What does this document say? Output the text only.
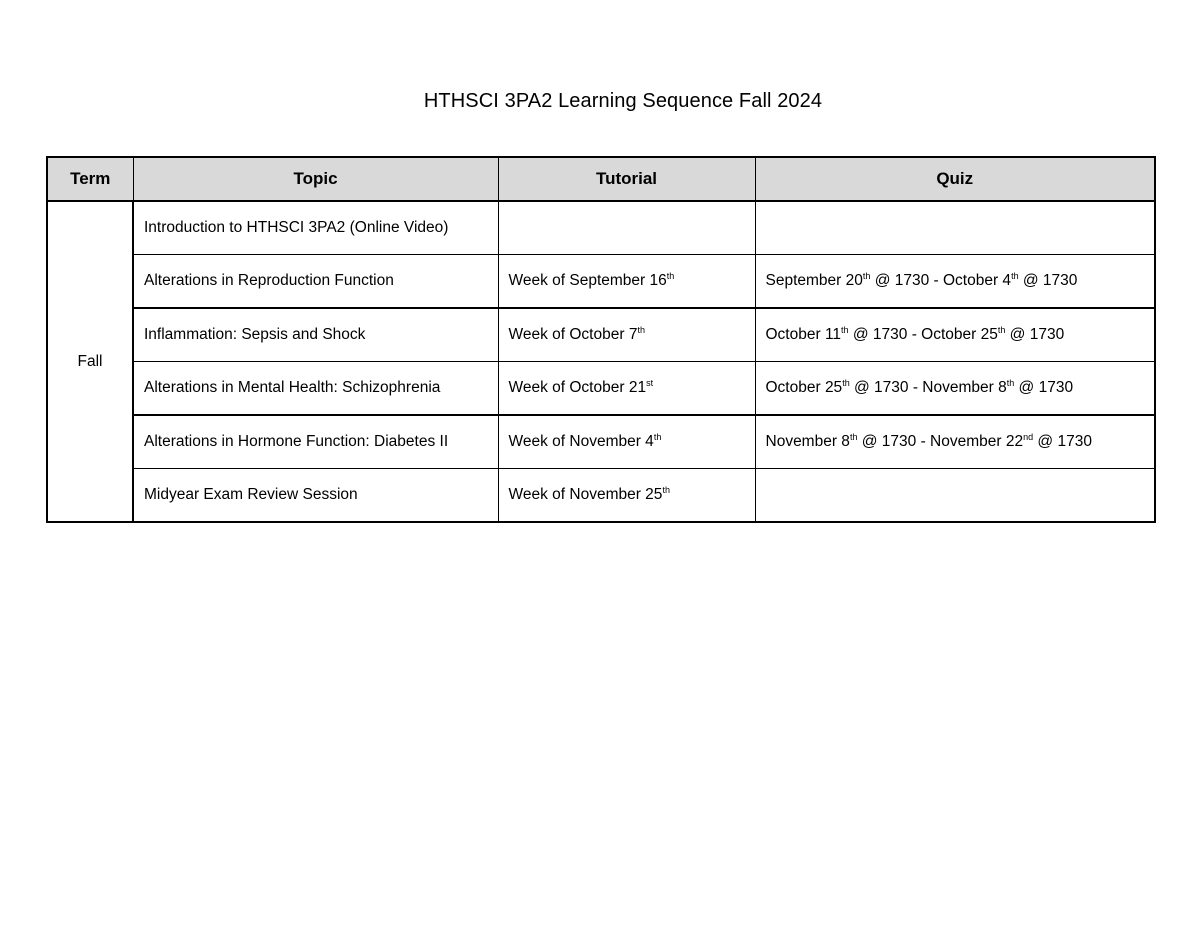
HTHSCI 3PA2 Learning Sequence Fall 2024
Term	Topic	Tutorial	Quiz
Fall	Introduction to HTHSCI 3PA2 (Online Video)		
	Alterations in Reproduction Function	Week of September 16th	September 20th @ 1730 - October 4th @ 1730
	Inflammation: Sepsis and Shock	Week of October 7th	October 11th @ 1730 - October 25th @ 1730
	Alterations in Mental Health: Schizophrenia	Week of October 21st	October 25th @ 1730 - November 8th @ 1730
	Alterations in Hormone Function: Diabetes II	Week of November 4th	November 8th @ 1730 - November 22nd @ 1730
	Midyear Exam Review Session	Week of November 25th	
